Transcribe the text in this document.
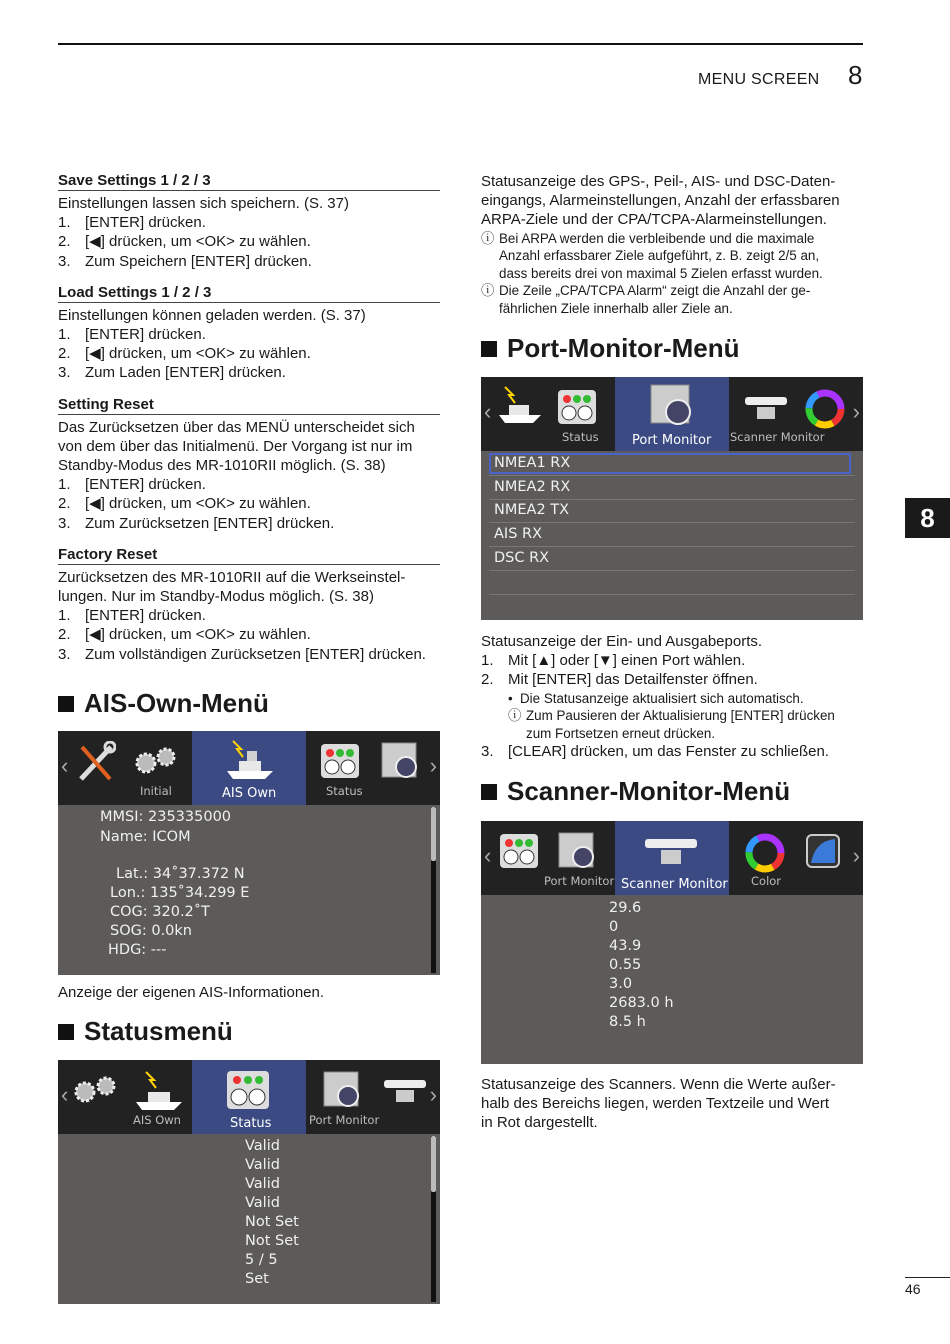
MENU SCREEN 8
8
46
Save Settings 1 / 2 / 3

Einstellungen lassen sich speichern. (S. 37)

1. [ENTER] drücken.
2. [◀] drücken, um <OK> zu wählen.
3. Zum Speichern [ENTER] drücken.
Load Settings 1 / 2 / 3

Einstellungen können geladen werden. (S. 37)

1. [ENTER] drücken.
2. [◀] drücken, um <OK> zu wählen.
3. Zum Laden [ENTER] drücken.
Setting Reset

Das Zurücksetzen über das MENÜ unterscheidet sich

von dem über das Initialmenü. Der Vorgang ist nur im

Standby-Modus des MR-1010RII möglich. (S. 38)

1. [ENTER] drücken.
2. [◀] drücken, um <OK> zu wählen.
3. Zum Zurücksetzen [ENTER] drücken.
Factory Reset

Zurücksetzen des MR-1010RII auf die Werkseinstel-

lungen. Nur im Standby-Modus möglich. (S. 38)

1. [ENTER] drücken.
2. [◀] drücken, um <OK> zu wählen.
3. Zum vollständigen Zurücksetzen [ENTER] drücken.
AIS-Own-Menü
‹	›
Initial	AIS Own	Status
MMSI: 235335000
Name: ICOM
Lat.: 34˚37.372 N
Lon.: 135˚34.299 E
COG: 320.2˚T
SOG: 0.0kn
HDG: ---
Anzeige der eigenen AIS-Informationen.
Statusmenü
‹	›
AIS Own	Status	Port Monitor
Valid
Valid
Valid
Valid
Not Set
Not Set
5 / 5
Set

Statusanzeige des GPS-, Peil-, AIS- und DSC-Daten-

eingangs, Alarmeinstellungen, Anzahl der erfassbaren

ARPA-Ziele und der CPA/TCPA-Alarmeinstellungen.

ⓘ Bei ARPA werden die verbleibende und die maximale
Anzahl erfassbarer Ziele aufgeführt, z. B. zeigt 2/5 an,
dass bereits drei von maximal 5 Zielen erfasst wurden.
ⓘ Die Zeile „CPA/TCPA Alarm“ zeigt die Anzahl der ge-
fährlichen Ziele innerhalb aller Ziele an.
Port-Monitor-Menü
‹	›
Status	Port Monitor Scanner Monitor
NMEA1 RX
NMEA2 RX
NMEA2 TX
AIS RX
DSC RX

Statusanzeige der Ein- und Ausgabeports.

1. Mit [▲] oder [▼] einen Port wählen.
2. Mit [ENTER] das Detailfenster öffnen.
• Die Statusanzeige aktualisiert sich automatisch.
ⓘ Zum Pausieren der Aktualisierung [ENTER] drücken
zum Fortsetzen erneut drücken.
3. [CLEAR] drücken, um das Fenster zu schließen.
Scanner-Monitor-Menü
‹	›
Port Monitor Scanner Monitor Color
29.6
0
43.9
0.55
3.0
2683.0 h
8.5 h

Statusanzeige des Scanners. Wenn die Werte außer-

halb des Bereichs liegen, werden Textzeile und Wert

in Rot dargestellt.
